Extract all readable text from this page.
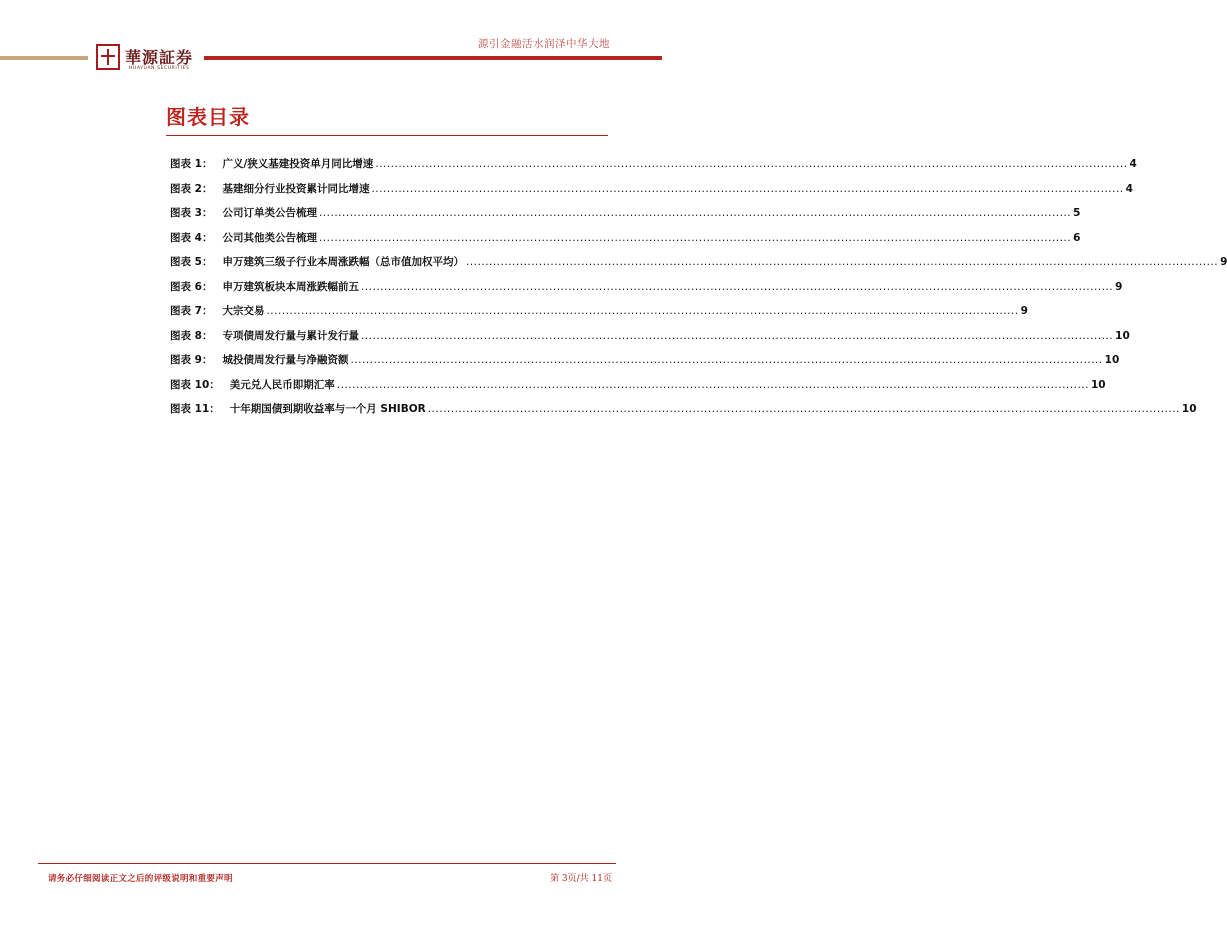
源引金融活水润泽中华大地
華源証券
HUAYUAN SECURITIES
图表目录
图表 1： 广义/狭义基建投资单月同比增速 .....	4
图表 2： 基建细分行业投资累计同比增速 .....	4
图表 3： 公司订单类公告梳理 .....	5
图表 4： 公司其他类公告梳理 .....	6
图表 5： 申万建筑三级子行业本周涨跌幅（总市值加权平均） .....	9
图表 6： 申万建筑板块本周涨跌幅前五 .....	9
图表 7： 大宗交易 .....	9
图表 8： 专项债周发行量与累计发行量 .....	10
图表 9： 城投债周发行量与净融资额 .....	10
图表 10： 美元兑人民币即期汇率 .....	10
图表 11： 十年期国债到期收益率与一个月 SHIBOR .....	10
请务必仔细阅读正文之后的评级说明和重要声明	第 3页/共 11页
